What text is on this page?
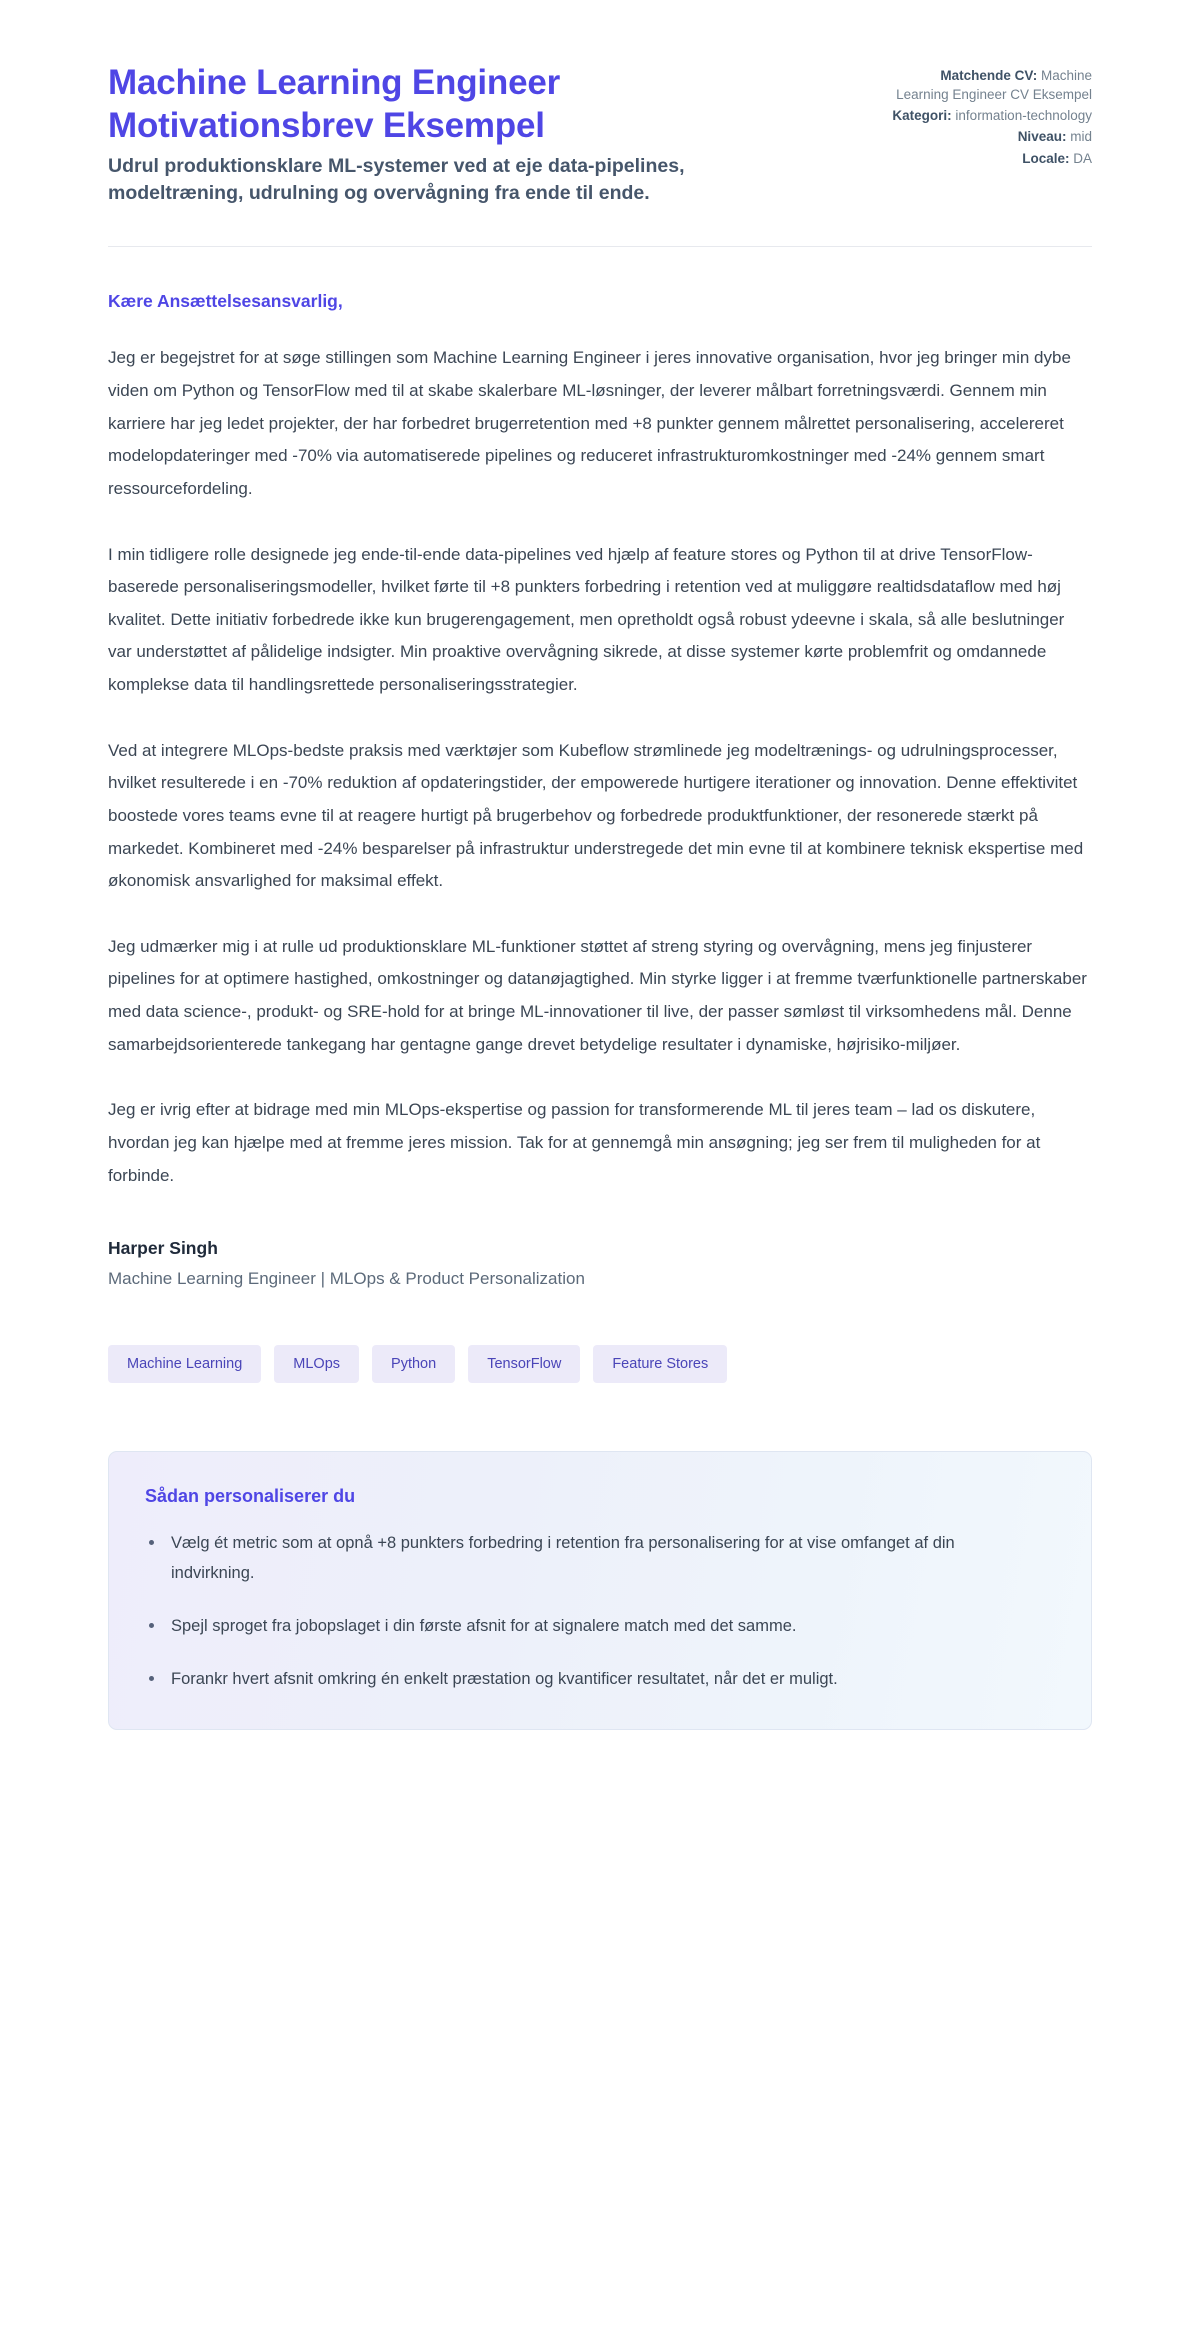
Machine Learning Engineer Motivationsbrev Eksempel

Udrul produktionsklare ML-systemer ved at eje data-pipelines, modeltræning, udrulning og overvågning fra ende til ende.

Matchende CV: Machine Learning Engineer CV Eksempel
Kategori: information-technology
Niveau: mid
Locale: DA

Kære Ansættelsesansvarlig,

Jeg er begejstret for at søge stillingen som Machine Learning Engineer i jeres innovative organisation, hvor jeg bringer min dybe viden om Python og TensorFlow med til at skabe skalerbare ML-løsninger, der leverer målbart forretningsværdi. Gennem min karriere har jeg ledet projekter, der har forbedret brugerretention med +8 punkter gennem målrettet personalisering, accelereret modelopdateringer med -70% via automatiserede pipelines og reduceret infrastrukturomkostninger med -24% gennem smart ressourcefordeling.

I min tidligere rolle designede jeg ende-til-ende data-pipelines ved hjælp af feature stores og Python til at drive TensorFlow-baserede personaliseringsmodeller, hvilket førte til +8 punkters forbedring i retention ved at muliggøre realtidsdataflow med høj kvalitet. Dette initiativ forbedrede ikke kun brugerengagement, men opretholdt også robust ydeevne i skala, så alle beslutninger var understøttet af pålidelige indsigter. Min proaktive overvågning sikrede, at disse systemer kørte problemfrit og omdannede komplekse data til handlingsrettede personaliseringsstrategier.

Ved at integrere MLOps-bedste praksis med værktøjer som Kubeflow strømlinede jeg modeltrænings- og udrulningsprocesser, hvilket resulterede i en -70% reduktion af opdateringstider, der empowerede hurtigere iterationer og innovation. Denne effektivitet boostede vores teams evne til at reagere hurtigt på brugerbehov og forbedrede produktfunktioner, der resonerede stærkt på markedet. Kombineret med -24% besparelser på infrastruktur understregede det min evne til at kombinere teknisk ekspertise med økonomisk ansvarlighed for maksimal effekt.

Jeg udmærker mig i at rulle ud produktionsklare ML-funktioner støttet af streng styring og overvågning, mens jeg finjusterer pipelines for at optimere hastighed, omkostninger og datanøjagtighed. Min styrke ligger i at fremme tværfunktionelle partnerskaber med data science-, produkt- og SRE-hold for at bringe ML-innovationer til live, der passer sømløst til virksomhedens mål. Denne samarbejdsorienterede tankegang har gentagne gange drevet betydelige resultater i dynamiske, højrisiko-miljøer.

Jeg er ivrig efter at bidrage med min MLOps-ekspertise og passion for transformerende ML til jeres team – lad os diskutere, hvordan jeg kan hjælpe med at fremme jeres mission. Tak for at gennemgå min ansøgning; jeg ser frem til muligheden for at forbinde.

Harper Singh

Machine Learning Engineer | MLOps & Product Personalization

Machine Learning	MLOps	Python	TensorFlow	Feature Stores

Sådan personaliserer du

Vælg ét metric som at opnå +8 punkters forbedring i retention fra personalisering for at vise omfanget af din indvirkning.
Spejl sproget fra jobopslaget i din første afsnit for at signalere match med det samme.
Forankr hvert afsnit omkring én enkelt præstation og kvantificer resultatet, når det er muligt.
